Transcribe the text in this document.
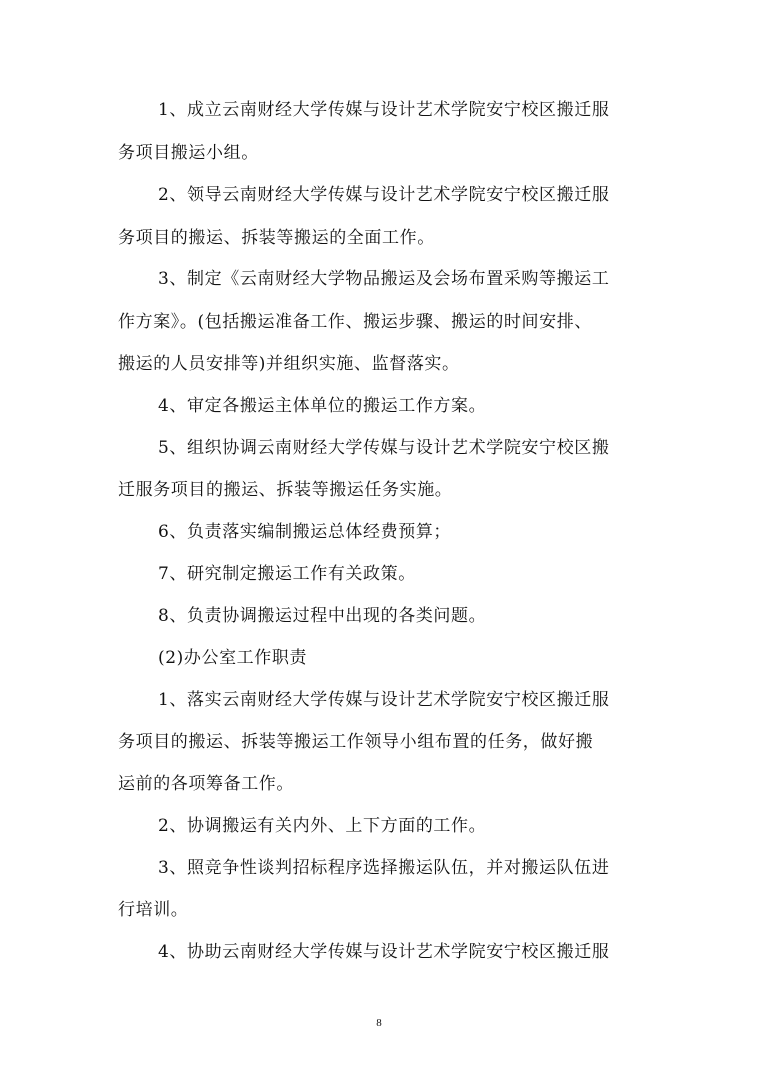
1、成立云南财经大学传媒与设计艺术学院安宁校区搬迁服
务项目搬运小组。
2、领导云南财经大学传媒与设计艺术学院安宁校区搬迁服
务项目的搬运、拆装等搬运的全面工作。
3、制定《云南财经大学物品搬运及会场布置采购等搬运工
作方案》。(包括搬运准备工作、搬运步骤、搬运的时间安排、
搬运的人员安排等)并组织实施、监督落实。
4、审定各搬运主体单位的搬运工作方案。
5、组织协调云南财经大学传媒与设计艺术学院安宁校区搬
迁服务项目的搬运、拆装等搬运任务实施。
6、负责落实编制搬运总体经费预算；
7、研究制定搬运工作有关政策。
8、负责协调搬运过程中出现的各类问题。
(2)办公室工作职责
1、落实云南财经大学传媒与设计艺术学院安宁校区搬迁服
务项目的搬运、拆装等搬运工作领导小组布置的任务，做好搬
运前的各项筹备工作。
2、协调搬运有关内外、上下方面的工作。
3、照竞争性谈判招标程序选择搬运队伍，并对搬运队伍进
行培训。
4、协助云南财经大学传媒与设计艺术学院安宁校区搬迁服
8
